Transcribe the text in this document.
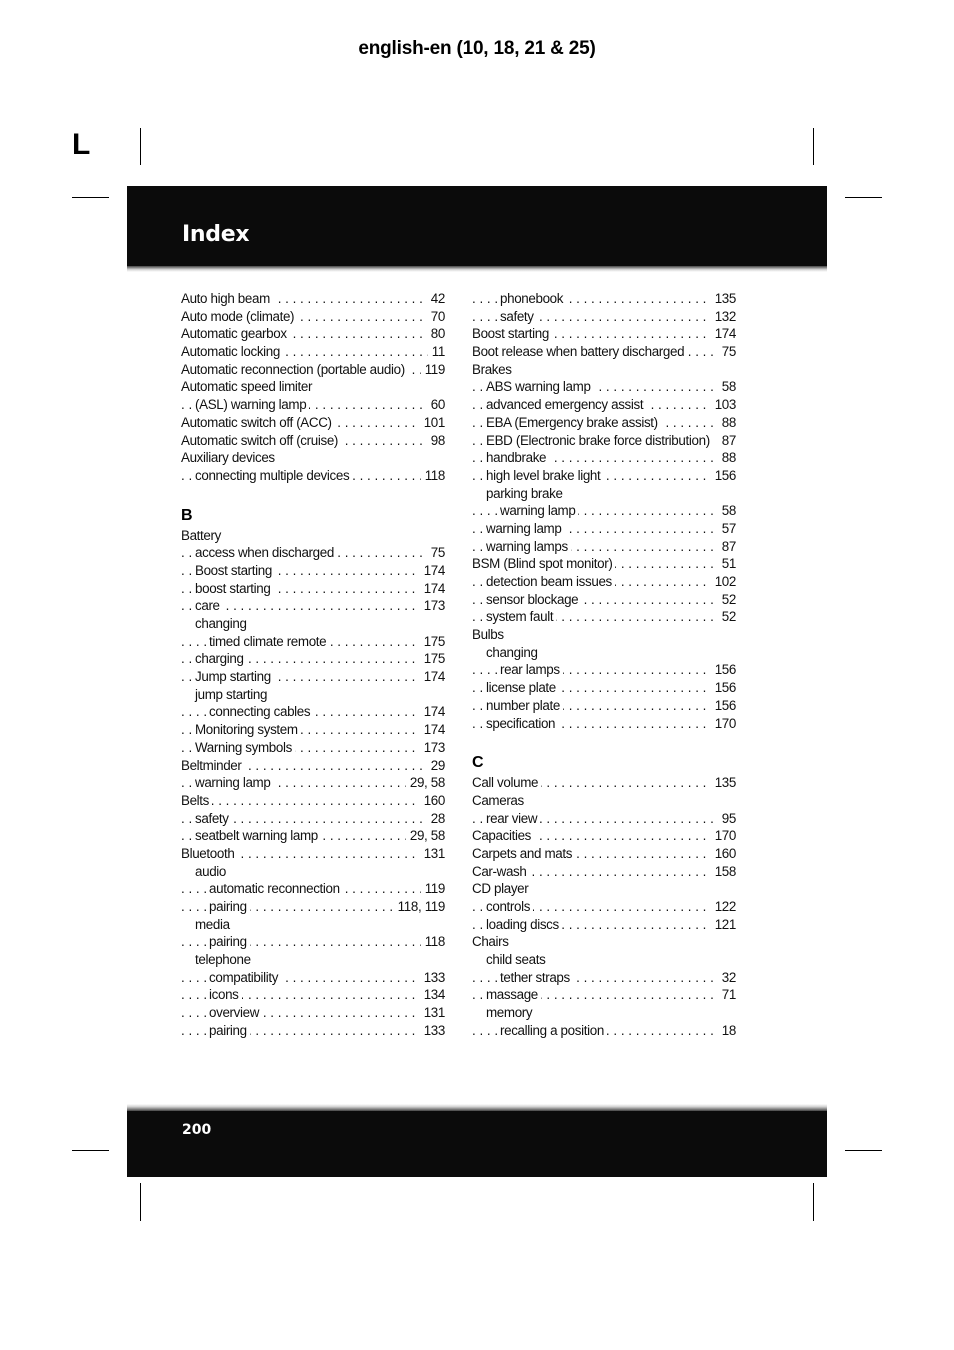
english-en (10, 18, 21 & 25)
L
Index
Auto high beam	42
. . .
Auto mode (climate)	70
. . .
Automatic gearbox	80
. . .
Automatic locking	11
. . .
Automatic reconnection (portable audio) 119
. . .
Automatic speed limiter
(ASL) warning lamp	60
. . .
Automatic switch off (ACC)	101
. . .
Automatic switch off (cruise)	98
. . .
Auxiliary devices
connecting multiple devices	118
. . .
B
Battery
access when discharged	75
. . .
Boost starting	174
. . .
boost starting	174
. . .
care	173
. . .
changing
timed climate remote	175
. . .
charging	175
. . .
Jump starting	174
. . .
jump starting
connecting cables	174
. . .
Monitoring system	174
. . .
Warning symbols	173
. . .
Beltminder	29
. . .
warning lamp	29, 58
. . .
Belts	160
. . .
safety	28
. . .
seatbelt warning lamp	29, 58
. . .
Bluetooth	131
. . .
audio
automatic reconnection	119
. . .
pairing	118, 119
. . .
media
pairing	118
. . .
telephone
compatibility	133
. . .
icons	134
. . .
overview	131
. . .
pairing	133
. . .
phonebook	135
. . .
safety	132
. . .
Boost starting	174
. . .
Boot release when battery discharged	75
. . .
Brakes
ABS warning lamp	58
. . .
advanced emergency assist	103
. . .
EBA (Emergency brake assist)	88
. . .
EBD (Electronic brake force distribution) 87
. . .
handbrake	88
. . .
high level brake light	156
. . .
parking brake
warning lamp	58
. . .
warning lamp	57
. . .
warning lamps	87
. . .
BSM (Blind spot monitor)	51
. . .
detection beam issues	102
. . .
sensor blockage	52
. . .
system fault	52
. . .
Bulbs
changing
rear lamps	156
. . .
license plate	156
. . .
number plate	156
. . .
specification	170
. . .
C
Call volume	135
. . .
Cameras
rear view	95
. . .
Capacities	170
. . .
Carpets and mats	160
. . .
Car-wash	158
. . .
CD player
controls	122
. . .
loading discs	121
. . .
Chairs
child seats
tether straps	32
. . .
massage	71
. . .
memory
recalling a position	18
. . .
200
